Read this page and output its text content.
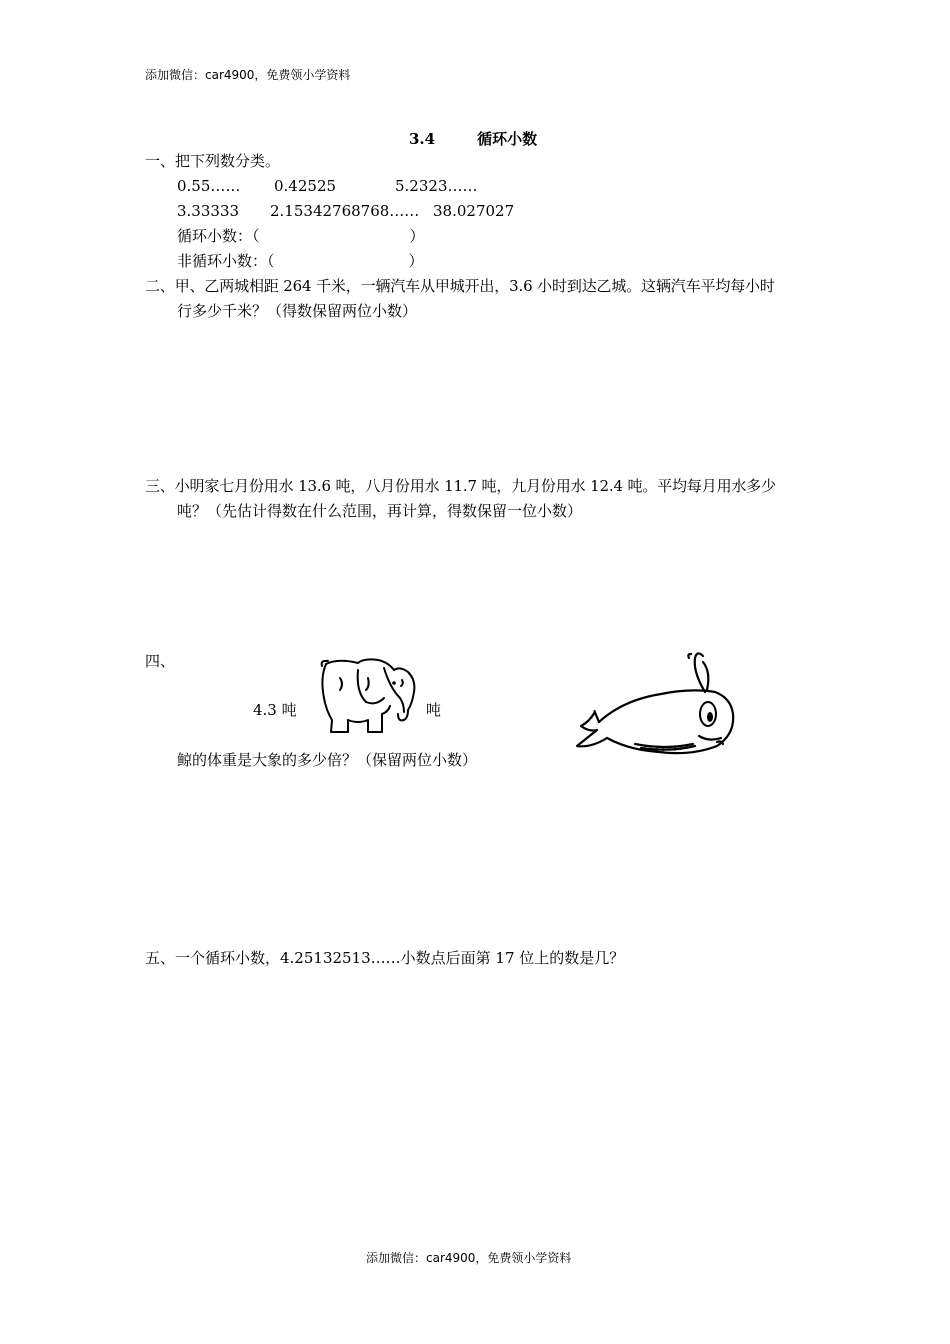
添加微信：car4900，免费领小学资料
3.4	循环小数
一、把下列数分类。
0.55…… 0.42525	5.2323……
3.33333 2.15342768768…… 38.027027
循环小数：（	）
非循环小数：（	）
二、甲、乙两城相距 264 千米，一辆汽车从甲城开出，3.6 小时到达乙城。这辆汽车平均每小时
行多少千米？（得数保留两位小数）
三、小明家七月份用水 13.6 吨，八月份用水 11.7 吨，九月份用水 12.4 吨。平均每月用水多少
吨？（先估计得数在什么范围，再计算，得数保留一位小数）
四、
4.3 吨	吨
鲸的体重是大象的多少倍？（保留两位小数）
五、一个循环小数，4.25132513……小数点后面第 17 位上的数是几？
添加微信：car4900，免费领小学资料
